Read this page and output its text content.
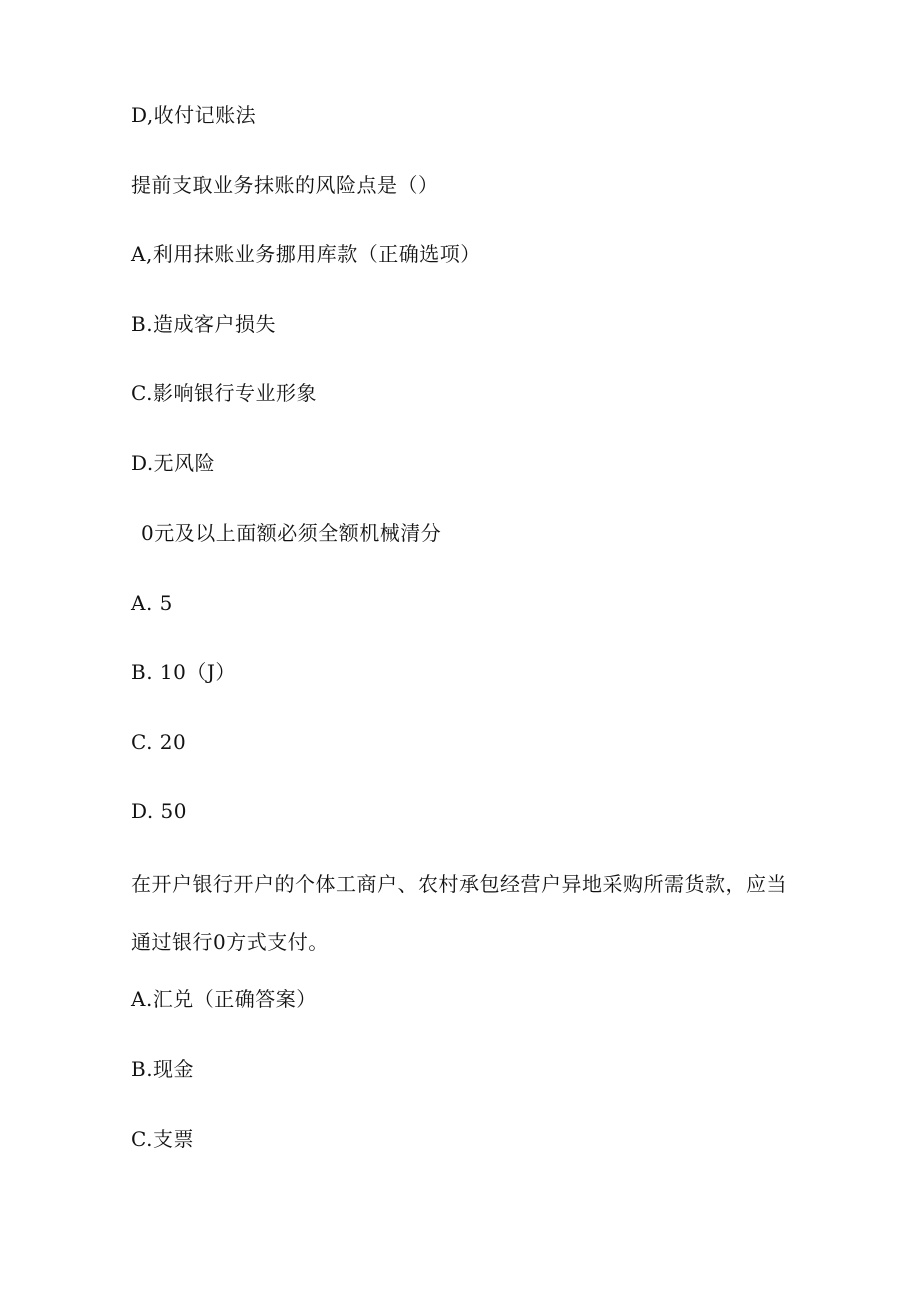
D,收付记账法
提前支取业务抹账的风险点是（）
A,利用抹账业务挪用库款（正确选项）
B.造成客户损失
C.影响银行专业形象
D.无风险
0元及以上面额必须全额机械清分
A. 5
B. 10（J）
C. 20
D. 50
在开户银行开户的个体工商户、农村承包经营户异地采购所需货款，应当通过银行0方式支付。
A.汇兑（正确答案）
B.现金
C.支票
